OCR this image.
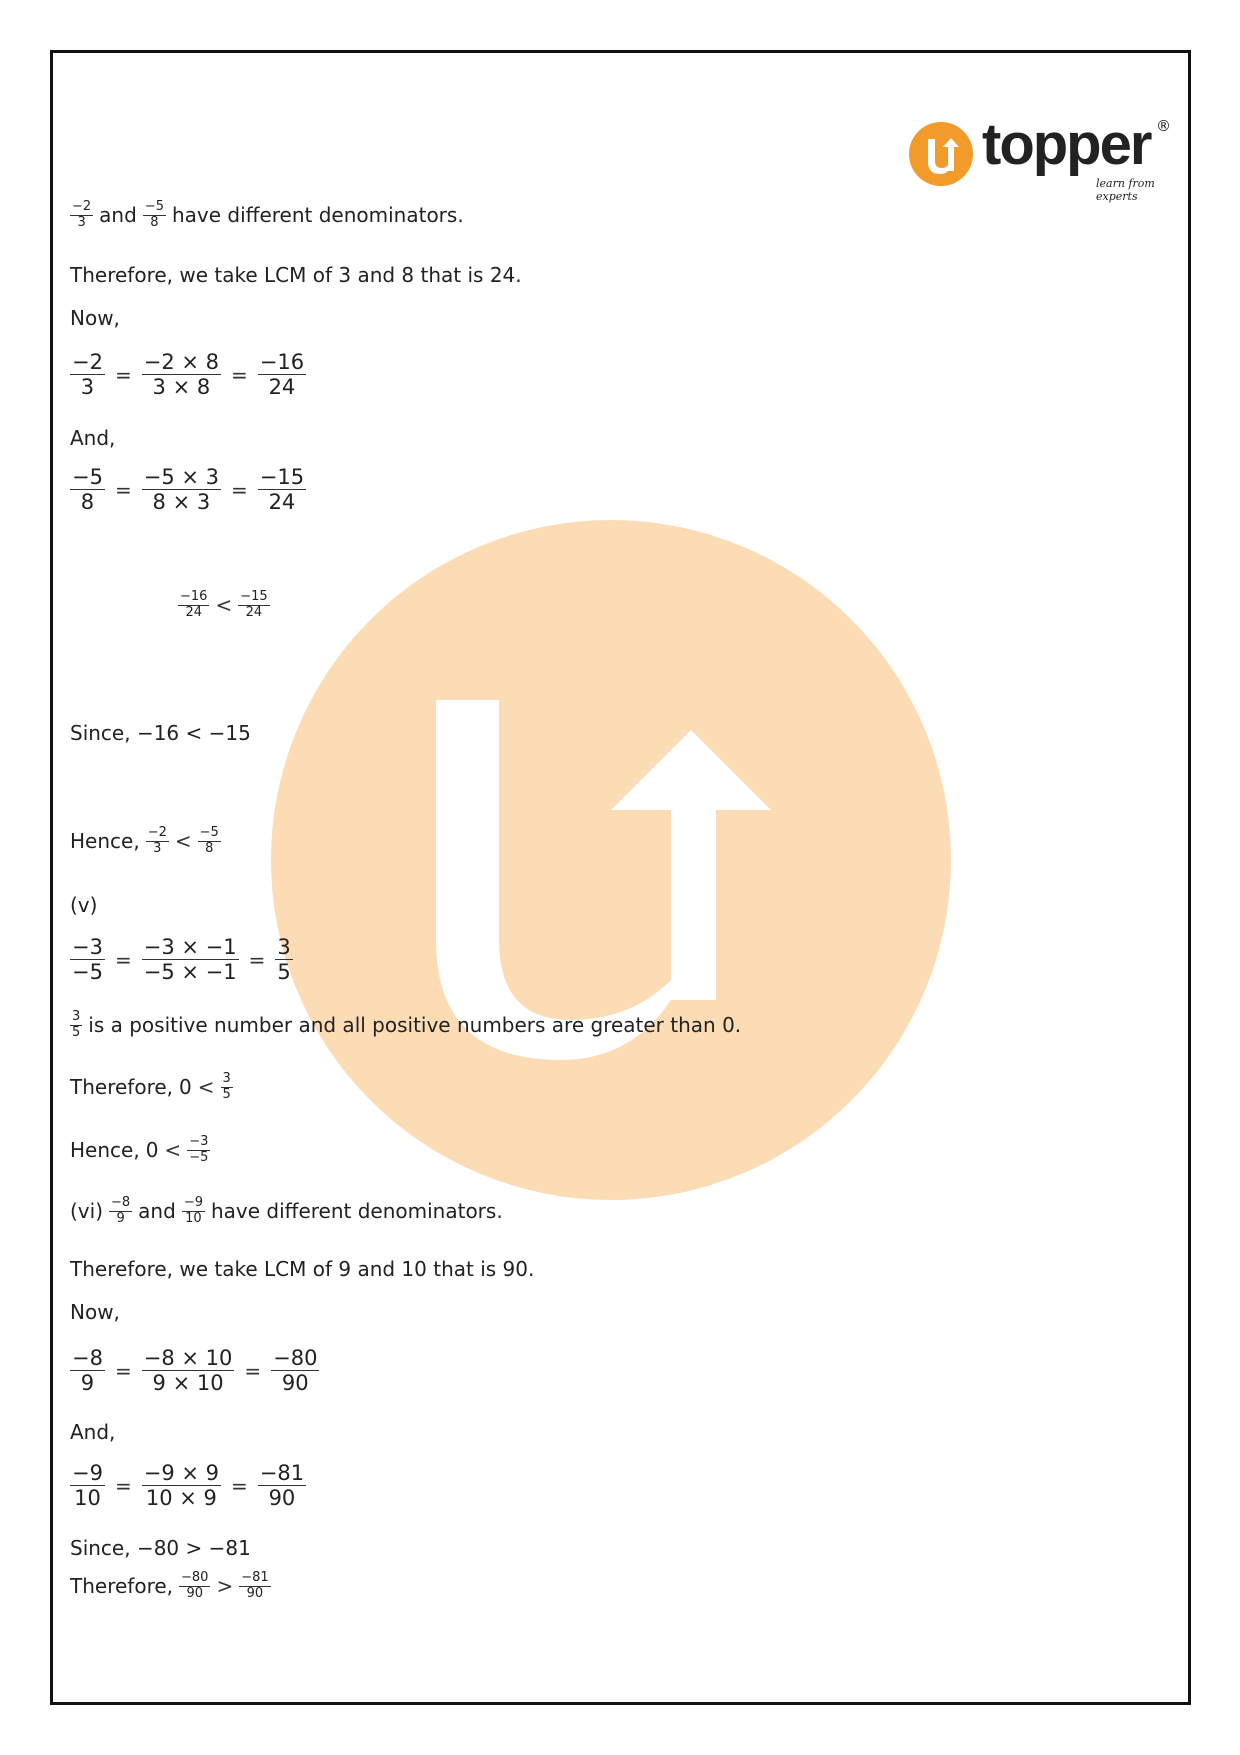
topper ®
learn from experts
$\frac{-2}{3}$ and $\frac{-5}{8}$ have different denominators.
Therefore, we take LCM of 3 and 8 that is 24.
Now,
$\frac{-2}{3} = \frac{-2 \times 8}{3 \times 8} = \frac{-16}{24}$
And,
$\frac{-5}{8} = \frac{-5 \times 3}{8 \times 3} = \frac{-15}{24}$
$\frac{-16}{24} < \frac{-15}{24}$
Since, −16 < −15
Hence, $\frac{-2}{3} < \frac{-5}{8}$
(v)
$\frac{-3}{-5} = \frac{-3 \times -1}{-5 \times -1} = \frac{3}{5}$
$\frac{3}{5}$ is a positive number and all positive numbers are greater than 0.
Therefore, $0 < \frac{3}{5}$
Hence, $0 < \frac{-3}{-5}$
$(vi) \frac{-8}{9}$ and $\frac{-9}{10}$ have different denominators.
Therefore, we take LCM of 9 and 10 that is 90.
Now,
$\frac{-8}{9} = \frac{-8 \times 10}{9 \times 10} = \frac{-80}{90}$
And,
$\frac{-9}{10} = \frac{-9 \times 9}{10 \times 9} = \frac{-81}{90}$
Since, −80 > −81
Therefore, $\frac{-80}{90} > \frac{-81}{90}$
